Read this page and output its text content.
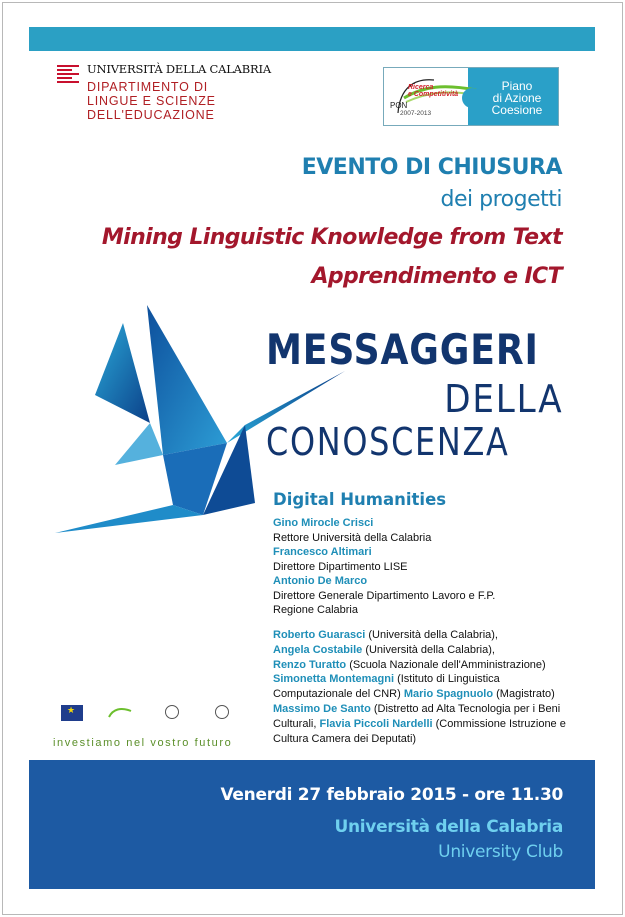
UNIVERSITÀ DELLA CALABRIA
DIPARTIMENTO DI
LINGUE E SCIENZE
DELL'EDUCAZIONE
Ricerca
e Competitività
PON
2007-2013
Piano
di Azione
Coesione
EVENTO DI CHIUSURA
dei progetti
Mining Linguistic Knowledge from Text
Apprendimento e ICT
MESSAGGERI
DELLA
CONOSCENZA
Digital Humanities
Gino Mirocle Crisci
Rettore Università della Calabria
Francesco Altimari
Direttore Dipartimento LISE
Antonio De Marco
Direttore Generale Dipartimento Lavoro e F.P. Regione Calabria
Roberto Guarasci (Università della Calabria),
Angela Costabile (Università della Calabria),
Renzo Turatto (Scuola Nazionale dell'Amministrazione)
Simonetta Montemagni (Istituto di Linguistica Computazionale del CNR) Mario Spagnuolo (Magistrato)
Massimo De Santo (Distretto ad Alta Tecnologia per i Beni Culturali, Flavia Piccoli Nardelli (Commissione Istruzione e Cultura Camera dei Deputati)
★
investiamo nel vostro futuro
Venerdi 27 febbraio 2015 - ore 11.30
Università della Calabria
University Club
